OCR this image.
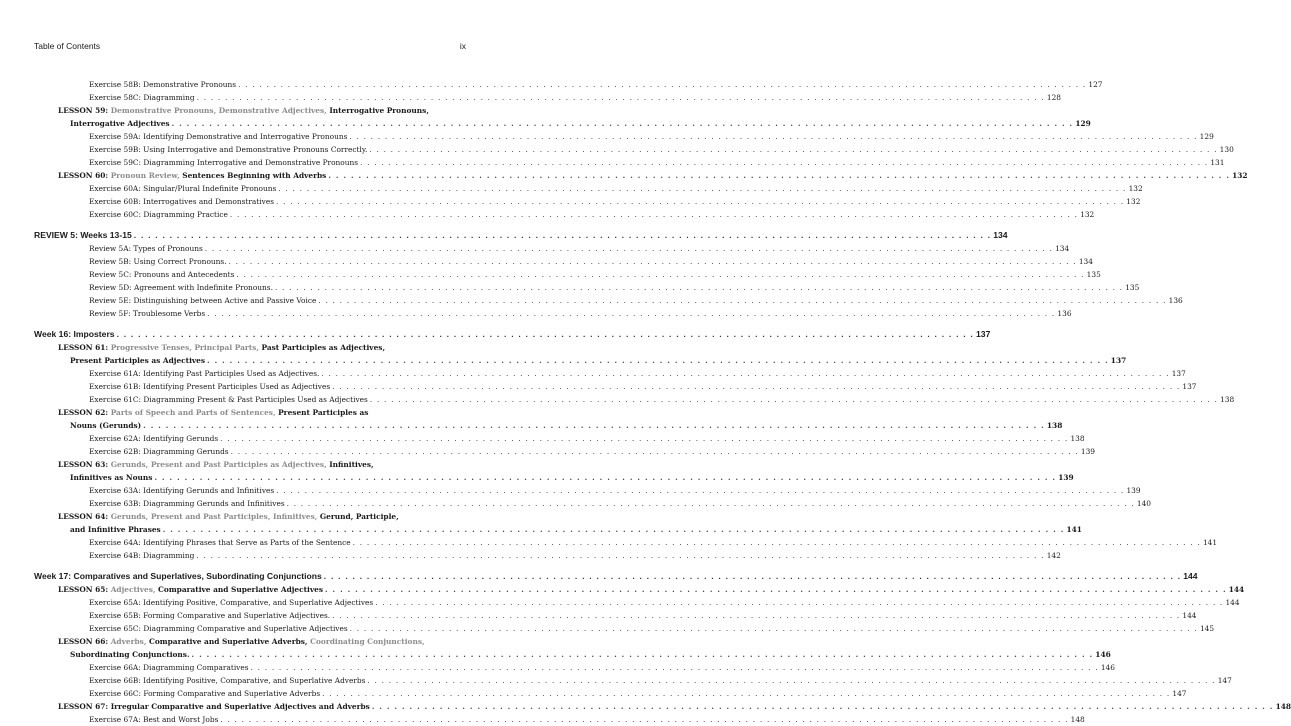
Table of Contents	ix
Exercise 58B: Demonstrative Pronouns . . . . . . . . . . . . . . . . . . . . . . . . . . . . . . . . . . . . . . . . . . . . . . . . . . . . . . . . . . . . . . . . . . . . . . . . . . . . . . . . . . . . . . . . . . . . . . . . . . . . . . . . . . . . . . . . . . . . . . . . 127
Exercise 58C: Diagramming . . . . . . . . . . . . . . . . . . . . . . . . . . . . . . . . . . . . . . . . . . . . . . . . . . . . . . . . . . . . . . . . . . . . . . . . . . . . . . . . . . . . . . . . . . . . . . . . . . . . . . . . . . . . . . . . . . . . . . . . 128
LESSON 59: Demonstrative Pronouns, Demonstrative Adjectives, Interrogative Pronouns,
Interrogative Adjectives . . . . . . . . . . . . . . . . . . . . . . . . . . . . . . . . . . . . . . . . . . . . . . . . . . . . . . . . . . . . . . . . . . . . . . . . . . . . . . . . . . . . . . . . . . . . . . . . . . . . . . . . . . . . . . . . . . . . . . . . 129
Exercise 59A: Identifying Demonstrative and Interrogative Pronouns . . . . . . . . . . . . . . . . . . . . . . . . . . . . . . . . . . . . . . . . . . . . . . . . . . . . . . . . . . . . . . . . . . . . . . . . . . . . . . . . . . . . . . . . . . . . . . . . . . . . . . . . . . . . . . . . . . . . . . . . 129
Exercise 59B: Using Interrogative and Demonstrative Pronouns Correctly. . . . . . . . . . . . . . . . . . . . . . . . . . . . . . . . . . . . . . . . . . . . . . . . . . . . . . . . . . . . . . . . . . . . . . . . . . . . . . . . . . . . . . . . . . . . . . . . . . . . . . . . . . . . . . . . . . . . . . . . . 130
Exercise 59C: Diagramming Interrogative and Demonstrative Pronouns . . . . . . . . . . . . . . . . . . . . . . . . . . . . . . . . . . . . . . . . . . . . . . . . . . . . . . . . . . . . . . . . . . . . . . . . . . . . . . . . . . . . . . . . . . . . . . . . . . . . . . . . . . . . . . . . . . . . . . . . 131
LESSON 60: Pronoun Review, Sentences Beginning with Adverbs . . . . . . . . . . . . . . . . . . . . . . . . . . . . . . . . . . . . . . . . . . . . . . . . . . . . . . . . . . . . . . . . . . . . . . . . . . . . . . . . . . . . . . . . . . . . . . . . . . . . . . . . . . . . . . . . . . . . . . . . 132
Exercise 60A: Singular/Plural Indefinite Pronouns . . . . . . . . . . . . . . . . . . . . . . . . . . . . . . . . . . . . . . . . . . . . . . . . . . . . . . . . . . . . . . . . . . . . . . . . . . . . . . . . . . . . . . . . . . . . . . . . . . . . . . . . . . . . . . . . . . . . . . . . 132
Exercise 60B: Interrogatives and Demonstratives . . . . . . . . . . . . . . . . . . . . . . . . . . . . . . . . . . . . . . . . . . . . . . . . . . . . . . . . . . . . . . . . . . . . . . . . . . . . . . . . . . . . . . . . . . . . . . . . . . . . . . . . . . . . . . . . . . . . . . . . 132
Exercise 60C: Diagramming Practice . . . . . . . . . . . . . . . . . . . . . . . . . . . . . . . . . . . . . . . . . . . . . . . . . . . . . . . . . . . . . . . . . . . . . . . . . . . . . . . . . . . . . . . . . . . . . . . . . . . . . . . . . . . . . . . . . . . . . . . . 132
REVIEW 5: Weeks 13-15 . . . . . . . . . . . . . . . . . . . . . . . . . . . . . . . . . . . . . . . . . . . . . . . . . . . . . . . . . . . . . . . . . . . . . . . . . . . . . . . . . . . . . . . . . . . . . . . . . . . . . . . . . . . . . . . . . . . . . . . . 134
Review 5A: Types of Pronouns . . . . . . . . . . . . . . . . . . . . . . . . . . . . . . . . . . . . . . . . . . . . . . . . . . . . . . . . . . . . . . . . . . . . . . . . . . . . . . . . . . . . . . . . . . . . . . . . . . . . . . . . . . . . . . . . . . . . . . . . 134
Review 5B: Using Correct Pronouns. . . . . . . . . . . . . . . . . . . . . . . . . . . . . . . . . . . . . . . . . . . . . . . . . . . . . . . . . . . . . . . . . . . . . . . . . . . . . . . . . . . . . . . . . . . . . . . . . . . . . . . . . . . . . . . . . . . . . . . . . 134
Review 5C: Pronouns and Antecedents . . . . . . . . . . . . . . . . . . . . . . . . . . . . . . . . . . . . . . . . . . . . . . . . . . . . . . . . . . . . . . . . . . . . . . . . . . . . . . . . . . . . . . . . . . . . . . . . . . . . . . . . . . . . . . . . . . . . . . . . 135
Review 5D: Agreement with Indefinite Pronouns. . . . . . . . . . . . . . . . . . . . . . . . . . . . . . . . . . . . . . . . . . . . . . . . . . . . . . . . . . . . . . . . . . . . . . . . . . . . . . . . . . . . . . . . . . . . . . . . . . . . . . . . . . . . . . . . . . . . . . . . . 135
Review 5E: Distinguishing between Active and Passive Voice . . . . . . . . . . . . . . . . . . . . . . . . . . . . . . . . . . . . . . . . . . . . . . . . . . . . . . . . . . . . . . . . . . . . . . . . . . . . . . . . . . . . . . . . . . . . . . . . . . . . . . . . . . . . . . . . . . . . . . . . 136
Review 5F: Troublesome Verbs . . . . . . . . . . . . . . . . . . . . . . . . . . . . . . . . . . . . . . . . . . . . . . . . . . . . . . . . . . . . . . . . . . . . . . . . . . . . . . . . . . . . . . . . . . . . . . . . . . . . . . . . . . . . . . . . . . . . . . . . 136
Week 16: Imposters . . . . . . . . . . . . . . . . . . . . . . . . . . . . . . . . . . . . . . . . . . . . . . . . . . . . . . . . . . . . . . . . . . . . . . . . . . . . . . . . . . . . . . . . . . . . . . . . . . . . . . . . . . . . . . . . . . . . . . . . 137
LESSON 61: Progressive Tenses, Principal Parts, Past Participles as Adjectives,
Present Participles as Adjectives . . . . . . . . . . . . . . . . . . . . . . . . . . . . . . . . . . . . . . . . . . . . . . . . . . . . . . . . . . . . . . . . . . . . . . . . . . . . . . . . . . . . . . . . . . . . . . . . . . . . . . . . . . . . . . . . . . . . . . . . 137
Exercise 61A: Identifying Past Participles Used as Adjectives. . . . . . . . . . . . . . . . . . . . . . . . . . . . . . . . . . . . . . . . . . . . . . . . . . . . . . . . . . . . . . . . . . . . . . . . . . . . . . . . . . . . . . . . . . . . . . . . . . . . . . . . . . . . . . . . . . . . . . . . . 137
Exercise 61B: Identifying Present Participles Used as Adjectives . . . . . . . . . . . . . . . . . . . . . . . . . . . . . . . . . . . . . . . . . . . . . . . . . . . . . . . . . . . . . . . . . . . . . . . . . . . . . . . . . . . . . . . . . . . . . . . . . . . . . . . . . . . . . . . . . . . . . . . . 137
Exercise 61C: Diagramming Present & Past Participles Used as Adjectives . . . . . . . . . . . . . . . . . . . . . . . . . . . . . . . . . . . . . . . . . . . . . . . . . . . . . . . . . . . . . . . . . . . . . . . . . . . . . . . . . . . . . . . . . . . . . . . . . . . . . . . . . . . . . . . . . . . . . . . . 138
LESSON 62: Parts of Speech and Parts of Sentences, Present Participles as
Nouns (Gerunds) . . . . . . . . . . . . . . . . . . . . . . . . . . . . . . . . . . . . . . . . . . . . . . . . . . . . . . . . . . . . . . . . . . . . . . . . . . . . . . . . . . . . . . . . . . . . . . . . . . . . . . . . . . . . . . . . . . . . . . . . 138
Exercise 62A: Identifying Gerunds . . . . . . . . . . . . . . . . . . . . . . . . . . . . . . . . . . . . . . . . . . . . . . . . . . . . . . . . . . . . . . . . . . . . . . . . . . . . . . . . . . . . . . . . . . . . . . . . . . . . . . . . . . . . . . . . . . . . . . . . 138
Exercise 62B: Diagramming Gerunds . . . . . . . . . . . . . . . . . . . . . . . . . . . . . . . . . . . . . . . . . . . . . . . . . . . . . . . . . . . . . . . . . . . . . . . . . . . . . . . . . . . . . . . . . . . . . . . . . . . . . . . . . . . . . . . . . . . . . . . . 139
LESSON 63: Gerunds, Present and Past Participles as Adjectives, Infinitives,
Infinitives as Nouns . . . . . . . . . . . . . . . . . . . . . . . . . . . . . . . . . . . . . . . . . . . . . . . . . . . . . . . . . . . . . . . . . . . . . . . . . . . . . . . . . . . . . . . . . . . . . . . . . . . . . . . . . . . . . . . . . . . . . . . . 139
Exercise 63A: Identifying Gerunds and Infinitives . . . . . . . . . . . . . . . . . . . . . . . . . . . . . . . . . . . . . . . . . . . . . . . . . . . . . . . . . . . . . . . . . . . . . . . . . . . . . . . . . . . . . . . . . . . . . . . . . . . . . . . . . . . . . . . . . . . . . . . . 139
Exercise 63B: Diagramming Gerunds and Infinitives . . . . . . . . . . . . . . . . . . . . . . . . . . . . . . . . . . . . . . . . . . . . . . . . . . . . . . . . . . . . . . . . . . . . . . . . . . . . . . . . . . . . . . . . . . . . . . . . . . . . . . . . . . . . . . . . . . . . . . . . 140
LESSON 64: Gerunds, Present and Past Participles, Infinitives, Gerund, Participle,
and Infinitive Phrases . . . . . . . . . . . . . . . . . . . . . . . . . . . . . . . . . . . . . . . . . . . . . . . . . . . . . . . . . . . . . . . . . . . . . . . . . . . . . . . . . . . . . . . . . . . . . . . . . . . . . . . . . . . . . . . . . . . . . . . . 141
Exercise 64A: Identifying Phrases that Serve as Parts of the Sentence . . . . . . . . . . . . . . . . . . . . . . . . . . . . . . . . . . . . . . . . . . . . . . . . . . . . . . . . . . . . . . . . . . . . . . . . . . . . . . . . . . . . . . . . . . . . . . . . . . . . . . . . . . . . . . . . . . . . . . . . 141
Exercise 64B: Diagramming . . . . . . . . . . . . . . . . . . . . . . . . . . . . . . . . . . . . . . . . . . . . . . . . . . . . . . . . . . . . . . . . . . . . . . . . . . . . . . . . . . . . . . . . . . . . . . . . . . . . . . . . . . . . . . . . . . . . . . . . 142
Week 17: Comparatives and Superlatives, Subordinating Conjunctions . . . . . . . . . . . . . . . . . . . . . . . . . . . . . . . . . . . . . . . . . . . . . . . . . . . . . . . . . . . . . . . . . . . . . . . . . . . . . . . . . . . . . . . . . . . . . . . . . . . . . . . . . . . . . . . . . . . . . . . . 144
LESSON 65: Adjectives, Comparative and Superlative Adjectives . . . . . . . . . . . . . . . . . . . . . . . . . . . . . . . . . . . . . . . . . . . . . . . . . . . . . . . . . . . . . . . . . . . . . . . . . . . . . . . . . . . . . . . . . . . . . . . . . . . . . . . . . . . . . . . . . . . . . . . . 144
Exercise 65A: Identifying Positive, Comparative, and Superlative Adjectives . . . . . . . . . . . . . . . . . . . . . . . . . . . . . . . . . . . . . . . . . . . . . . . . . . . . . . . . . . . . . . . . . . . . . . . . . . . . . . . . . . . . . . . . . . . . . . . . . . . . . . . . . . . . . . . . . . . . . . . . 144
Exercise 65B: Forming Comparative and Superlative Adjectives. . . . . . . . . . . . . . . . . . . . . . . . . . . . . . . . . . . . . . . . . . . . . . . . . . . . . . . . . . . . . . . . . . . . . . . . . . . . . . . . . . . . . . . . . . . . . . . . . . . . . . . . . . . . . . . . . . . . . . . . . 144
Exercise 65C: Diagramming Comparative and Superlative Adjectives . . . . . . . . . . . . . . . . . . . . . . . . . . . . . . . . . . . . . . . . . . . . . . . . . . . . . . . . . . . . . . . . . . . . . . . . . . . . . . . . . . . . . . . . . . . . . . . . . . . . . . . . . . . . . . . . . . . . . . . . 145
LESSON 66: Adverbs, Comparative and Superlative Adverbs, Coordinating Conjunctions,
Subordinating Conjunctions. . . . . . . . . . . . . . . . . . . . . . . . . . . . . . . . . . . . . . . . . . . . . . . . . . . . . . . . . . . . . . . . . . . . . . . . . . . . . . . . . . . . . . . . . . . . . . . . . . . . . . . . . . . . . . . . . . . . . . . . . 146
Exercise 66A: Diagramming Comparatives . . . . . . . . . . . . . . . . . . . . . . . . . . . . . . . . . . . . . . . . . . . . . . . . . . . . . . . . . . . . . . . . . . . . . . . . . . . . . . . . . . . . . . . . . . . . . . . . . . . . . . . . . . . . . . . . . . . . . . . . 146
Exercise 66B: Identifying Positive, Comparative, and Superlative Adverbs . . . . . . . . . . . . . . . . . . . . . . . . . . . . . . . . . . . . . . . . . . . . . . . . . . . . . . . . . . . . . . . . . . . . . . . . . . . . . . . . . . . . . . . . . . . . . . . . . . . . . . . . . . . . . . . . . . . . . . . . 147
Exercise 66C: Forming Comparative and Superlative Adverbs . . . . . . . . . . . . . . . . . . . . . . . . . . . . . . . . . . . . . . . . . . . . . . . . . . . . . . . . . . . . . . . . . . . . . . . . . . . . . . . . . . . . . . . . . . . . . . . . . . . . . . . . . . . . . . . . . . . . . . . . 147
LESSON 67: Irregular Comparative and Superlative Adjectives and Adverbs . . . . . . . . . . . . . . . . . . . . . . . . . . . . . . . . . . . . . . . . . . . . . . . . . . . . . . . . . . . . . . . . . . . . . . . . . . . . . . . . . . . . . . . . . . . . . . . . . . . . . . . . . . . . . . . . . . . . . . . . 148
Exercise 67A: Best and Worst Jobs . . . . . . . . . . . . . . . . . . . . . . . . . . . . . . . . . . . . . . . . . . . . . . . . . . . . . . . . . . . . . . . . . . . . . . . . . . . . . . . . . . . . . . . . . . . . . . . . . . . . . . . . . . . . . . . . . . . . . . . . 148
